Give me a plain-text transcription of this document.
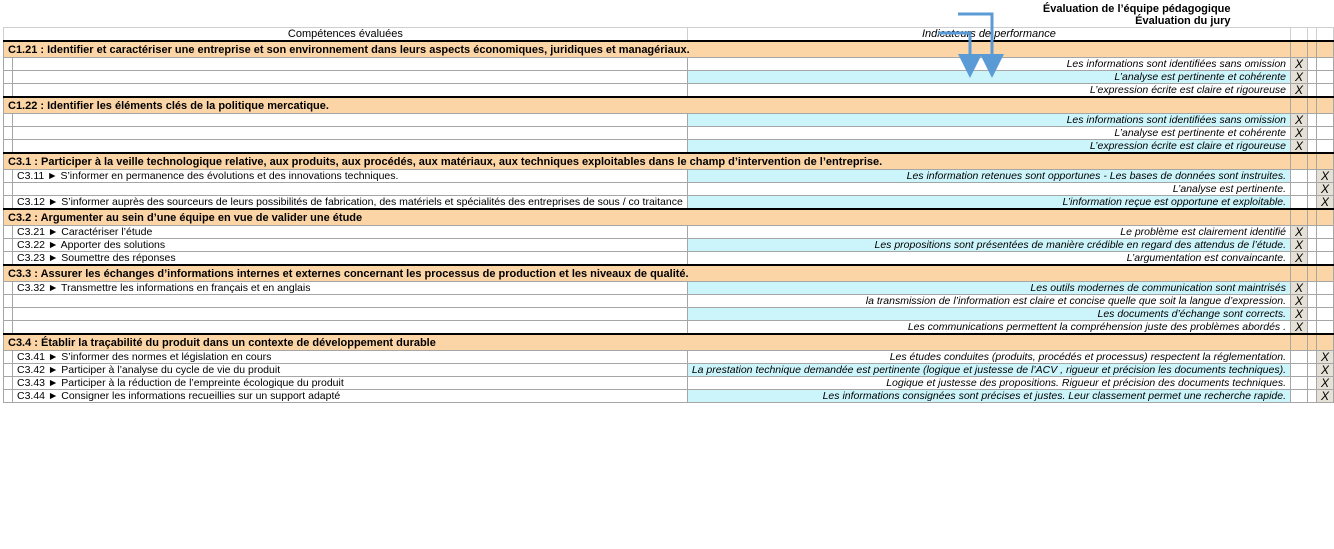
Évaluation de l’équipe pédagogique					
Évaluation du jury					
Compétences évaluées		Indicateurs de performance			
C1.21 : Identifier et caractériser une entreprise et son environnement dans leurs aspects économiques, juridiques et managériaux.					
		Les informations sont identifiées sans omission	X		
		L’analyse est pertinente et cohérente	X		
		L’expression écrite est claire et rigoureuse	X		
C1.22 : Identifier les éléments clés de la politique mercatique.					
		Les informations sont identifiées sans omission	X		
		L’analyse est pertinente et cohérente	X		
		L’expression écrite est claire et rigoureuse	X		
C3.1 : Participer à la veille technologique relative, aux produits, aux procédés, aux matériaux, aux techniques exploitables dans le champ d’intervention de l’entreprise.					
	C3.11 ► S’informer en permanence des évolutions et des innovations techniques.	Les information retenues sont opportunes - Les bases de données sont instruites.			X
		L’analyse est pertinente.			X
	C3.12 ► S’informer auprès des sourceurs de leurs possibilités de fabrication, des matériels et spécialités des entreprises de sous / co traitance	L’information reçue est opportune et exploitable.			X
C3.2 : Argumenter au sein d’une équipe en vue de valider une étude					
	C3.21 ► Caractériser l’étude	Le problème est clairement identifié	X		
	C3.22 ► Apporter des solutions	Les propositions sont présentées de manière crédible en regard des attendus de l’étude.	X		
	C3.23 ► Soumettre des réponses	L’argumentation est convaincante.	X		
C3.3 : Assurer les échanges d’informations internes et externes concernant les processus de production et les niveaux de qualité.					
	C3.32 ► Transmettre les informations en français et en anglais	Les outils modernes de communication sont maintrisés	X		
		la transmission de l’information est claire et concise quelle que soit la langue d’expression.	X		
		Les documents d’échange sont corrects.	X		
		Les communications permettent la compréhension juste des problèmes abordés .	X		
C3.4 : Établir la traçabilité du produit dans un contexte de développement durable					
	C3.41 ► S’informer des normes et législation en cours	Les études conduites (produits, procédés et processus) respectent la réglementation.			X
	C3.42 ► Participer à l’analyse du cycle de vie du produit	La prestation technique demandée est pertinente (logique et justesse de l’ACV , rigueur et précision les documents techniques).			X
	C3.43 ► Participer à la réduction de l’empreinte écologique du produit	Logique et justesse des propositions. Rigueur et précision des documents techniques.			X
	C3.44 ► Consigner les informations recueillies sur un support adapté	Les informations consignées sont précises et justes. Leur classement permet une recherche rapide.			X
